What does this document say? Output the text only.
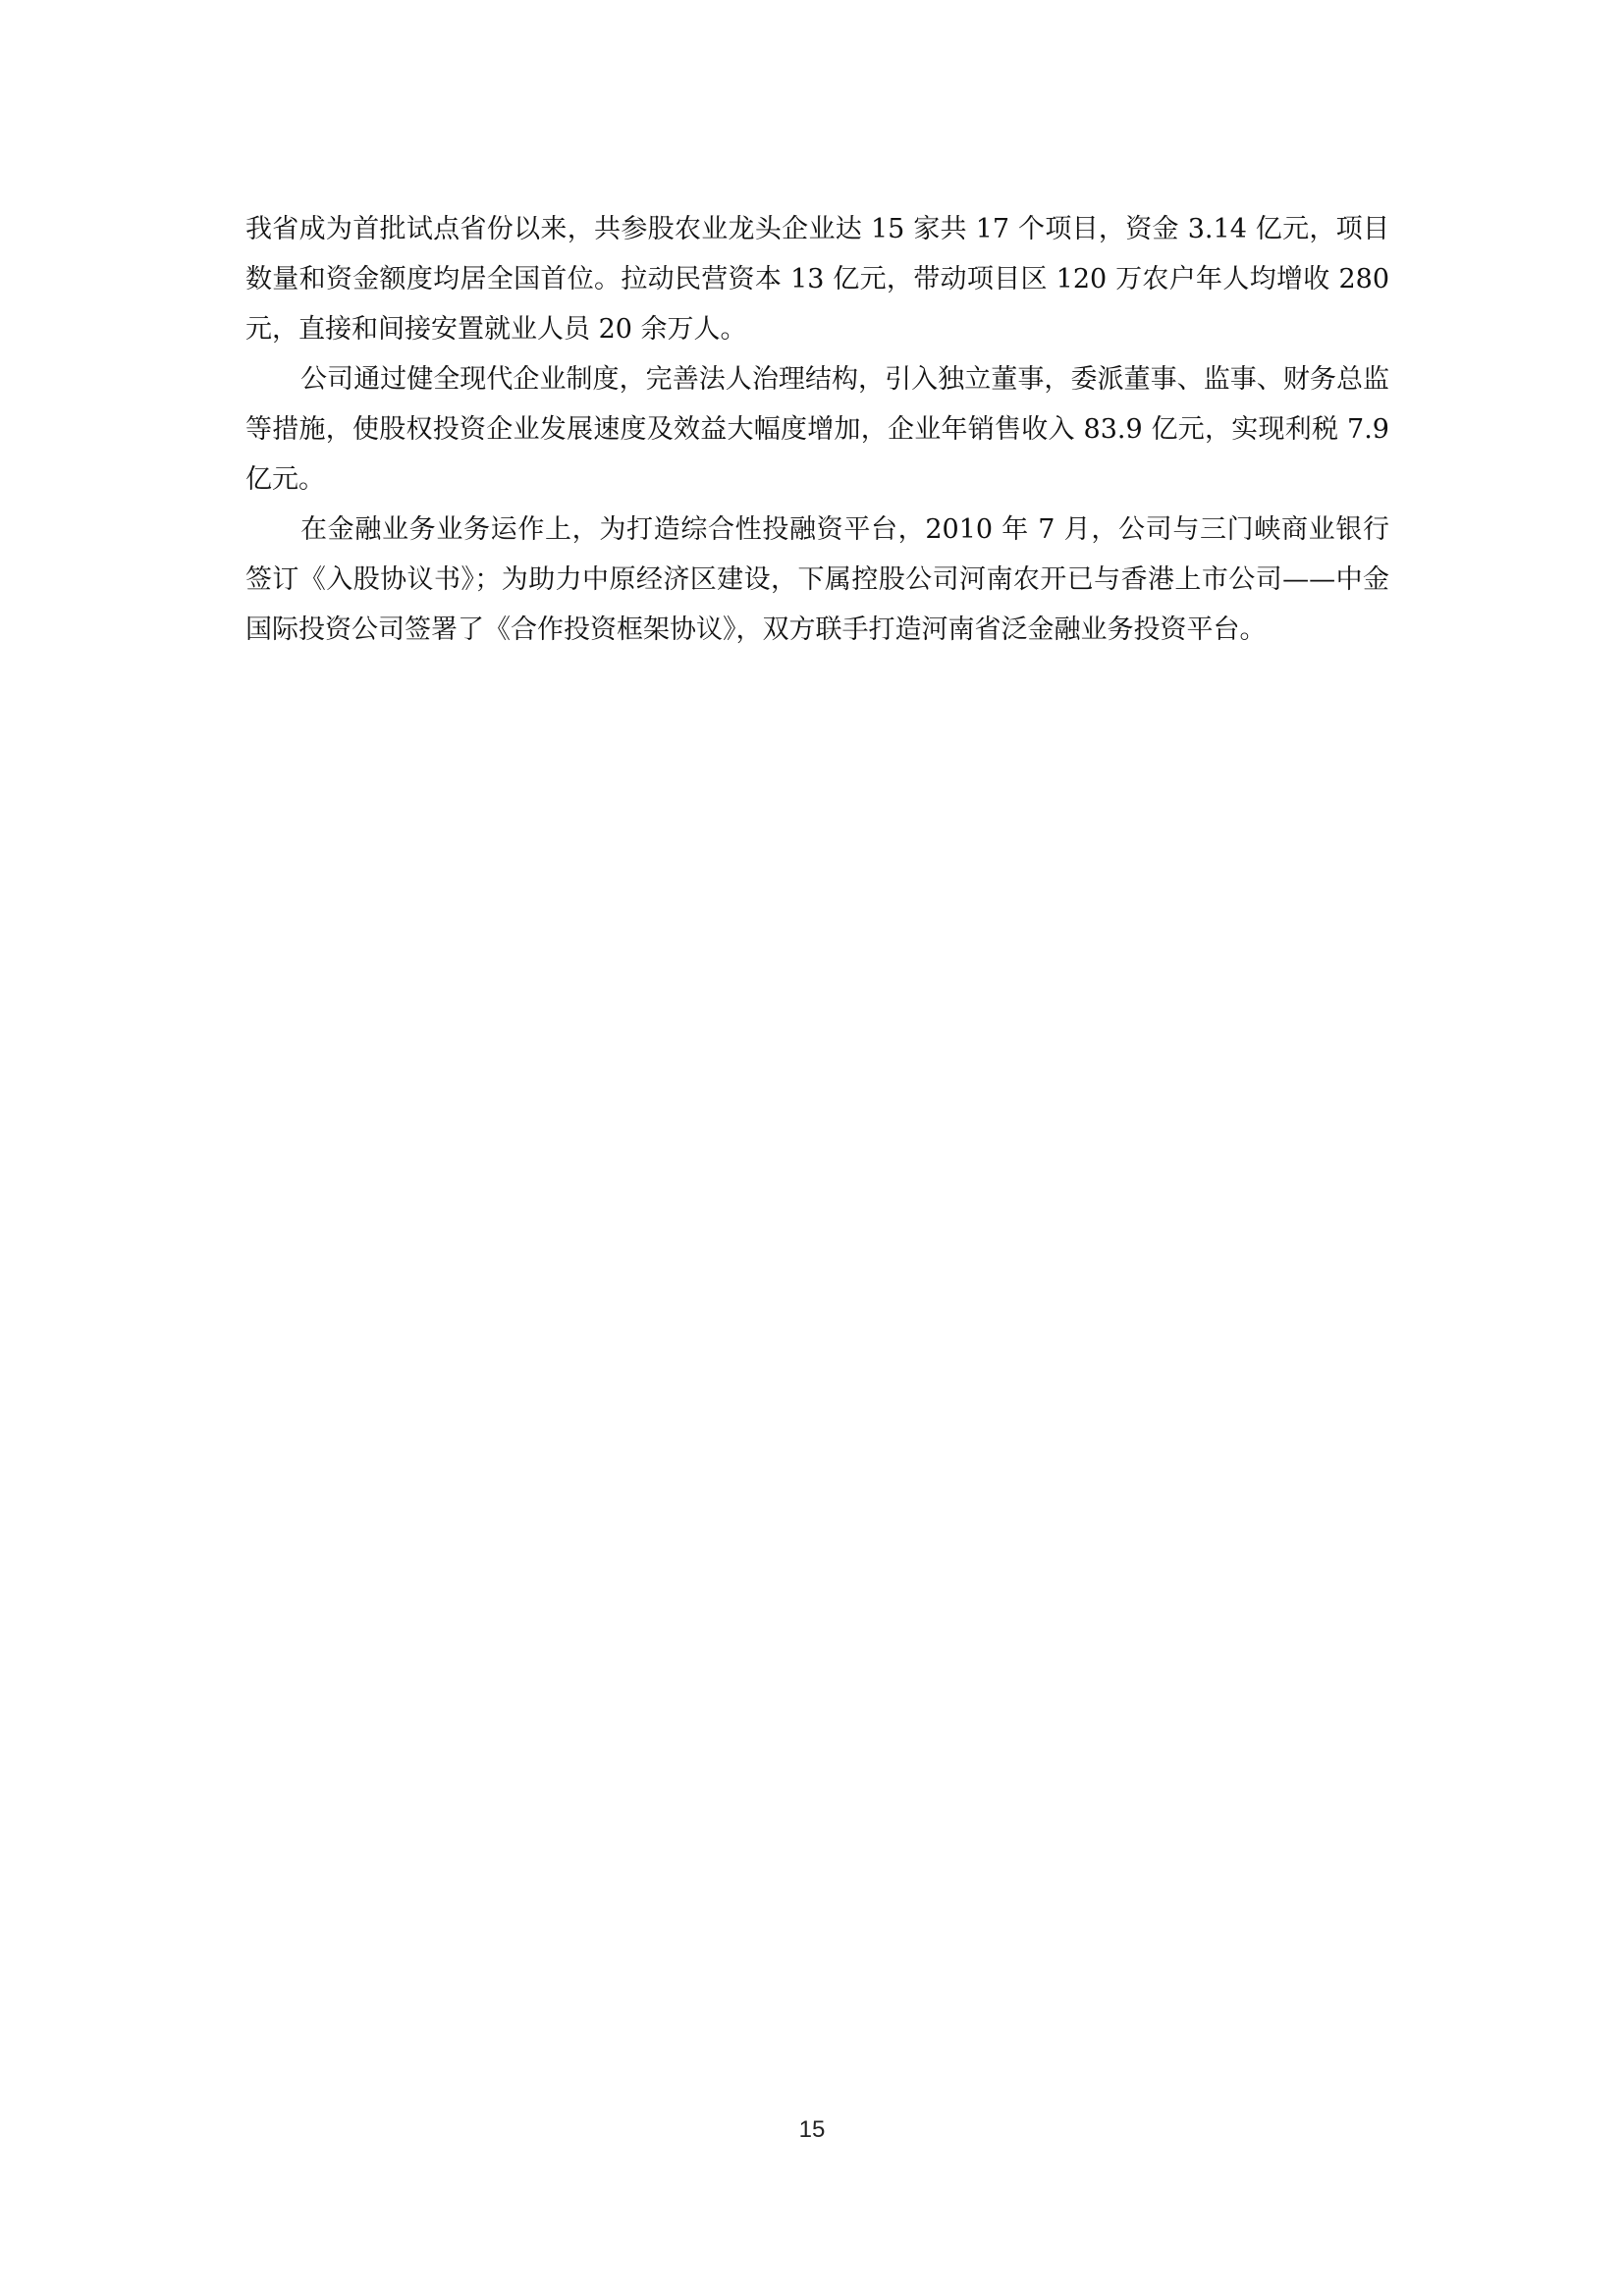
我省成为首批试点省份以来，共参股农业龙头企业达 15 家共 17 个项目，资金 3.14 亿元，项目数量和资金额度均居全国首位。拉动民营资本 13 亿元，带动项目区 120 万农户年人均增收 280 元，直接和间接安置就业人员 20 余万人。

公司通过健全现代企业制度，完善法人治理结构，引入独立董事，委派董事、监事、财务总监等措施，使股权投资企业发展速度及效益大幅度增加，企业年销售收入 83.9 亿元，实现利税 7.9 亿元。

在金融业务业务运作上，为打造综合性投融资平台，2010 年 7 月，公司与三门峡商业银行签订《入股协议书》；为助力中原经济区建设，下属控股公司河南农开已与香港上市公司——中金国际投资公司签署了《合作投资框架协议》，双方联手打造河南省泛金融业务投资平台。

15
